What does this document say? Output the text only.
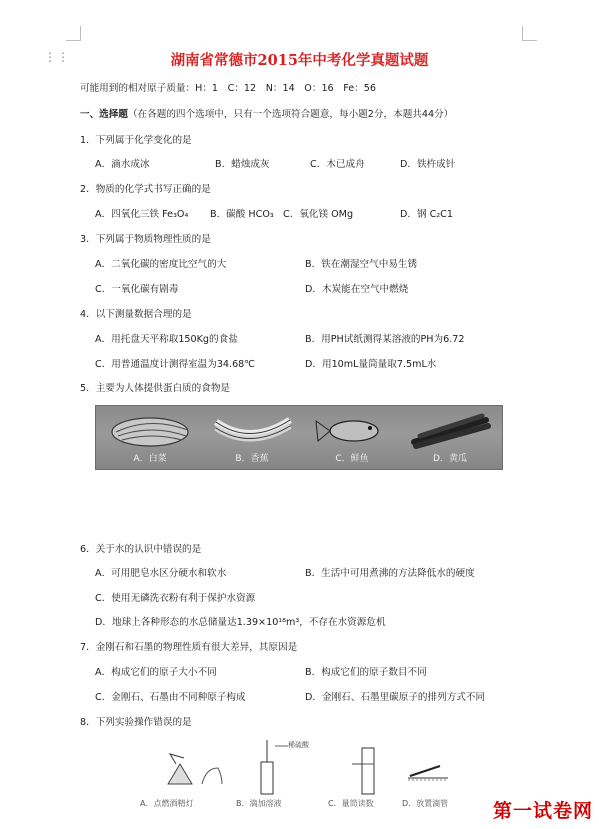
⋮⋮	湖南省常德市2015年中考化学真题试题
可能用到的相对原子质量：H：1　C：12　N：14　O：16　Fe：56
一、选择题（在各题的四个选项中，只有一个选项符合题意，每小题2分，本题共44分）
1．下列属于化学变化的是
A．滴水成冰	B．蜡烛成灰	C．木已成舟	D．铁杵成针
2．物质的化学式书写正确的是
A．四氧化三铁 Fe₃O₄ B．碳酸 HCO₃ C．氧化镁 OMg	D．钢 C₂C1
3．下列属于物质物理性质的是
A．二氧化碳的密度比空气的大	B．铁在潮湿空气中易生锈
C．一氧化碳有剧毒	D．木炭能在空气中燃烧
4．以下测量数据合理的是
A．用托盘天平称取150Kg的食盐	B．用PH试纸测得某溶液的PH为6.72
C．用普通温度计测得室温为34.68℃	D．用10mL量筒量取7.5mL水
5．主要为人体提供蛋白质的食物是
A．白菜	B．香蕉	C．鲜鱼	D．黄瓜
6．关于水的认识中错误的是
A．可用肥皂水区分硬水和软水	B．生活中可用煮沸的方法降低水的硬度
C．使用无磷洗衣粉有利于保护水资源
D．地球上各种形态的水总储量达1.39×10¹⁸m³，不存在水资源危机
7．金刚石和石墨的物理性质有很大差异，其原因是
A．构成它们的原子大小不同	B．构成它们的原子数目不同
C．金刚石、石墨由不同种原子构成	D．金刚石、石墨里碳原子的排列方式不同
8．下列实验操作错误的是
稀硫酸
A．点燃酒精灯	B．滴加溶液	C．量筒读数	D．放置滴管 第一试卷网
